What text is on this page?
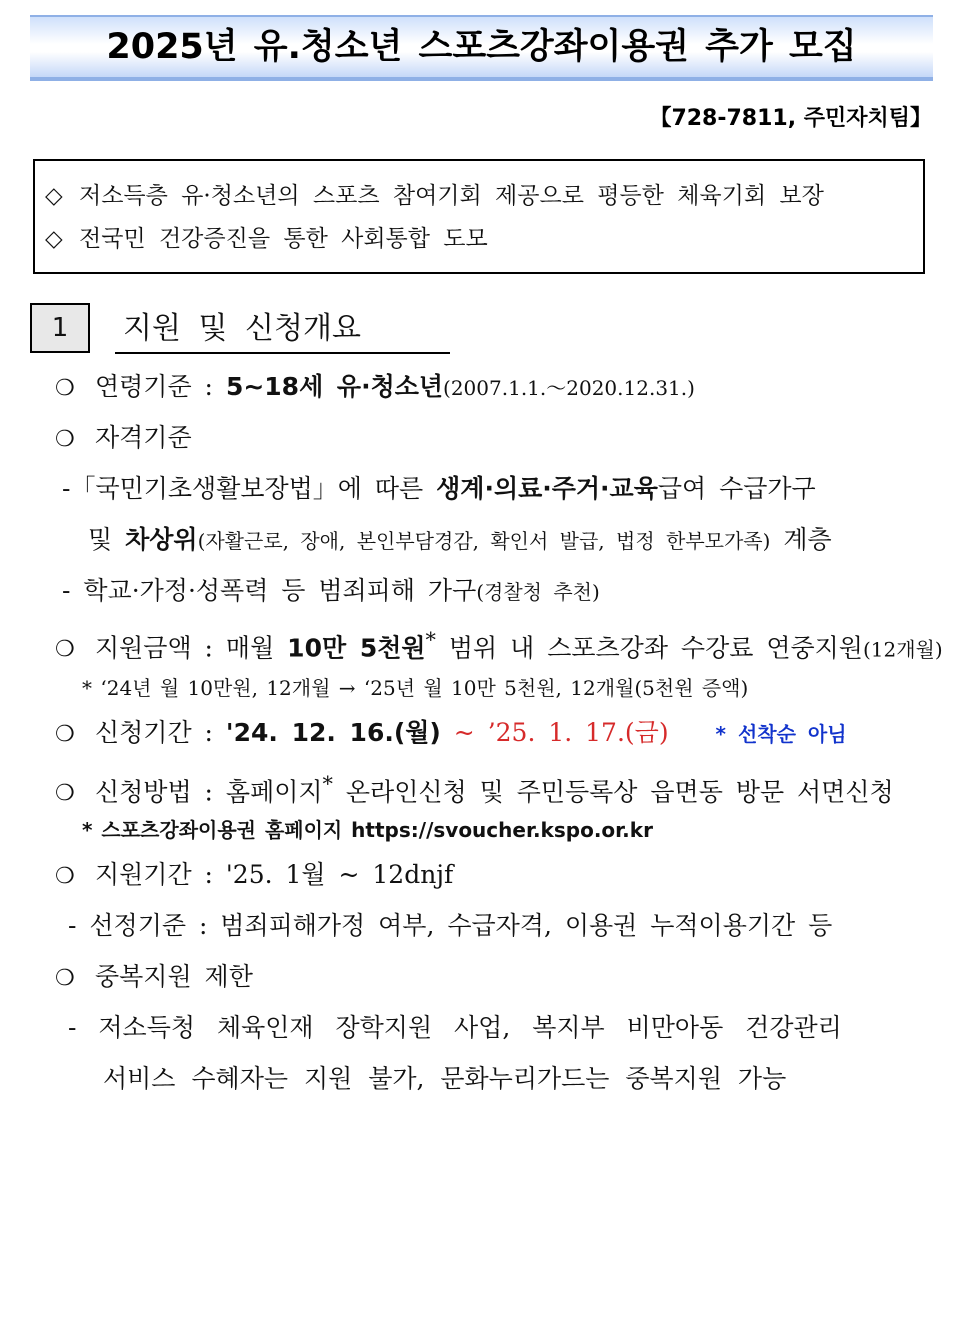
2025년 유.청소년 스포츠강좌이용권 추가 모집
【728-7811, 주민자치팀】
◇ 저소득층 유·청소년의 스포츠 참여기회 제공으로 평등한 체육기회 보장
◇ 전국민 건강증진을 통한 사회통합 도모
1	지원 및 신청개요
❍ 연령기준 : 5~18세 유·청소년(2007.1.1.～2020.12.31.)
❍ 자격기준
-「국민기초생활보장법」에 따른 생계·의료·주거·교육급여 수급가구
및 차상위(자활근로, 장애, 본인부담경감, 확인서 발급, 법정 한부모가족) 계층
- 학교·가정·성폭력 등 범죄피해 가구(경찰청 추천)
❍ 지원금액 : 매월 10만 5천원* 범위 내 스포츠강좌 수강료 연중지원(12개월)
* ‘24년 월 10만원, 12개월 → ‘25년 월 10만 5천원, 12개월(5천원 증액)
❍ 신청기간 : '24. 12. 16.(월) ~ ’25. 1. 17.(금) * 선착순 아님
❍ 신청방법 : 홈페이지* 온라인신청 및 주민등록상 읍면동 방문 서면신청
* 스포츠강좌이용권 홈페이지 https://svoucher.kspo.or.kr
❍ 지원기간 : '25. 1월 ~ 12dnjf
- 선정기준 : 범죄피해가정 여부, 수급자격, 이용권 누적이용기간 등
❍ 중복지원 제한
- 저소득청 체육인재 장학지원 사업, 복지부 비만아동 건강관리
서비스 수혜자는 지원 불가, 문화누리가드는 중복지원 가능
